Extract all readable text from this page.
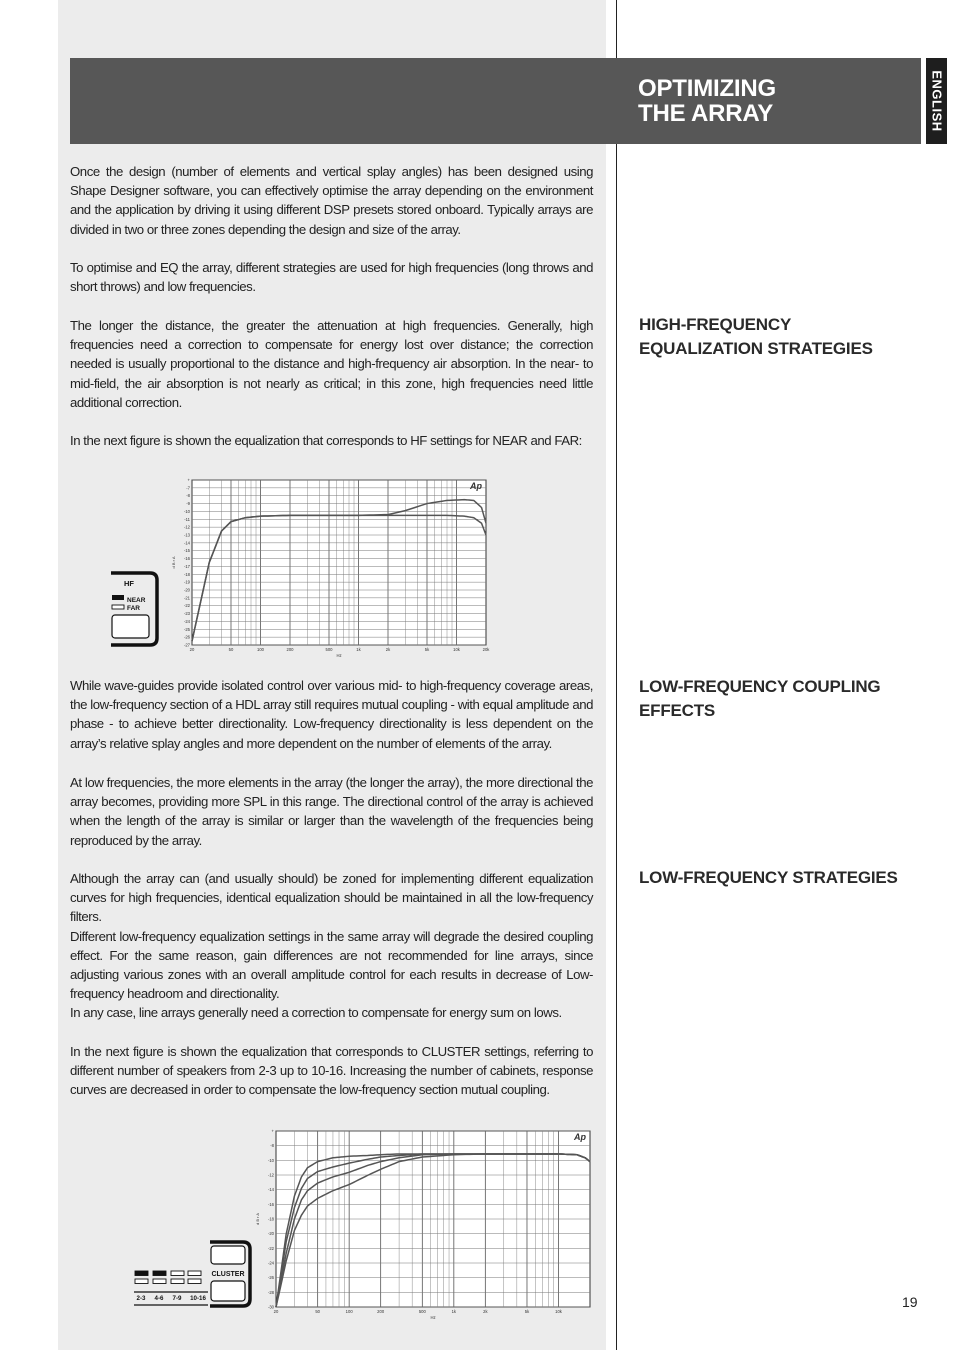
OPTIMIZING
THE ARRAY	ENGLISH

Once the design (number of elements and vertical splay angles) has been designed using Shape Designer software, you can effectively optimise the array depending on the environment and the application by driving it using different DSP presets stored onboard. Typically arrays are divided in two or three zones depending the design and size of the array.

To optimise and EQ the array, different strategies are used for high frequencies (long throws and short throws) and low frequencies.

The longer the distance, the greater the attenuation at high frequencies. Generally, high frequencies need a correction to compensate for energy lost over distance; the correction needed is usually proportional to the distance and high-frequency air absorption. In the near- to mid-field, the air absorption is not nearly as critical; in this zone, high frequencies need little additional correction.

In the next figure is shown the equalization that corresponds to HF settings for NEAR and FAR:

While wave-guides provide isolated control over various mid- to high-frequency coverage areas, the low-frequency section of a HDL array still requires mutual coupling - with equal amplitude and phase - to achieve better directionality. Low-frequency directionality is less dependent on the array’s relative splay angles and more dependent on the number of elements of the array.

At low frequencies, the more elements in the array (the longer the array), the more directional the array becomes, providing more SPL in this range. The directional control of the array is achieved when the length of the array is similar or larger than the wavelength of the frequencies being reproduced by the array.

Although the array can (and usually should) be zoned for implementing different equalization curves for high frequencies, identical equalization should be maintained in all the low-frequency filters.

Different low-frequency equalization settings in the same array will degrade the desired coupling effect. For the same reason, gain differences are not recommended for line arrays, since adjusting various zones with an overall amplitude control for each results in decrease of Low-frequency headroom and directionality.

In any case, line arrays generally need a correction to compensate for energy sum on lows.

In the next figure is shown the equalization that corresponds to CLUSTER settings, referring to different number of speakers from 2-3 up to 10-16. Increasing the number of cabinets, response curves are decreased in order to compensate the low-frequency section mutual coupling.

HIGH-FREQUENCY
EQUALIZATION STRATEGIES
LOW-FREQUENCY COUPLING
EFFECTS
LOW-FREQUENCY STRATEGIES
19
+
-7
-8
-9
-10
-11
-12
-13
-14
-15
-16
-17
-18
-19
-20
-21
-22
-23
-24
-25
-26
-27
20	50	100	200	500	1k	2k	5k	10k	20k
Hz
d B r A
Ap
HF
NEAR
FAR
+
-8
-10
-12
-14
-16
-18
-20
-22
-24
-26
-28
-30
20	50	100	200	500	1k	2k	5k	10k
Hz
d B r A
Ap
CLUSTER
2-3 4-6 7-9 10-16
